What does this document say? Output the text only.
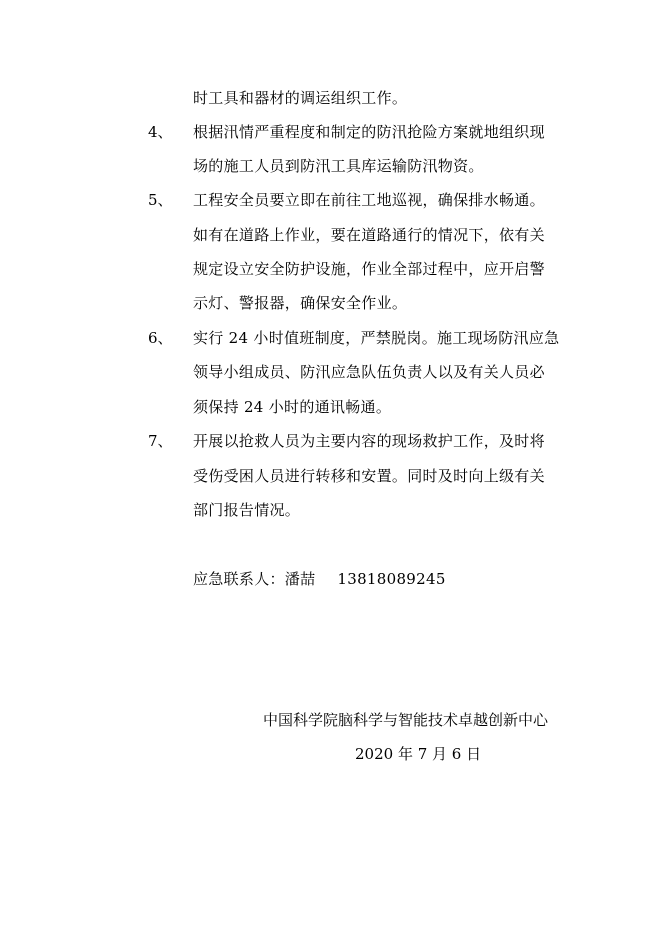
时工具和器材的调运组织工作。
4、 根据汛情严重程度和制定的防汛抢险方案就地组织现
场的施工人员到防汛工具库运输防汛物资。
5、 工程安全员要立即在前往工地巡视，确保排水畅通。
如有在道路上作业，要在道路通行的情况下，依有关
规定设立安全防护设施，作业全部过程中，应开启警
示灯、警报器，确保安全作业。
6、 实行 24 小时值班制度，严禁脱岗。施工现场防汛应急
领导小组成员、防汛应急队伍负责人以及有关人员必
须保持 24 小时的通讯畅通。
7、 开展以抢救人员为主要内容的现场救护工作，及时将
受伤受困人员进行转移和安置。同时及时向上级有关
部门报告情况。
应急联系人：潘喆 13818089245
中国科学院脑科学与智能技术卓越创新中心
2020 年 7 月 6 日
